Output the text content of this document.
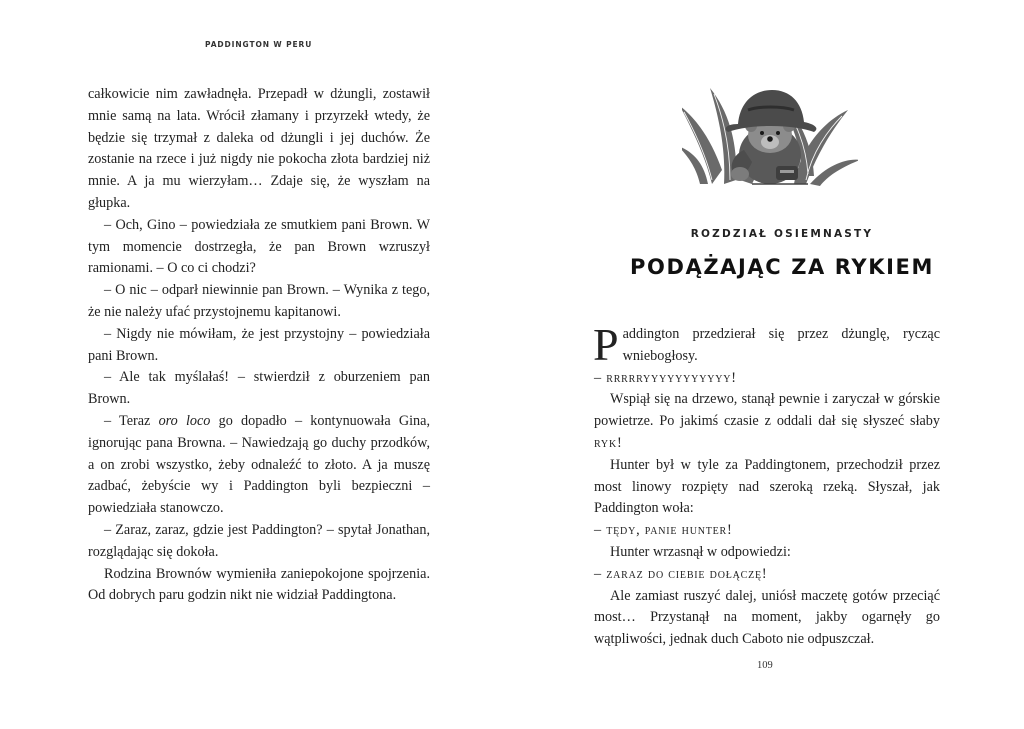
PADDINGTON W PERU

całkowicie nim zawładnęła. Przepadł w dżungli, zostawił mnie samą na lata. Wrócił złamany i przyrzekł wtedy, że będzie się trzymał z daleka od dżungli i jej duchów. Że zostanie na rzece i już nigdy nie pokocha złota bardziej niż mnie. A ja mu wierzyłam… Zdaje się, że wyszłam na głupka.

– Och, Gino – powiedziała ze smutkiem pani Brown. W tym momencie dostrzegła, że pan Brown wzruszył ramionami. – O co ci chodzi?

– O nic – odparł niewinnie pan Brown. – Wynika z tego, że nie należy ufać przystojnemu kapitanowi.

– Nigdy nie mówiłam, że jest przystojny – powiedziała pani Brown.

– Ale tak myślałaś! – stwierdził z oburzeniem pan Brown.

– Teraz oro loco go dopadło – kontynuowała Gina, ignorując pana Browna. – Nawiedzają go duchy przodków, a on zrobi wszystko, żeby odnaleźć to złoto. A ja muszę zadbać, żebyście wy i Paddington byli bezpieczni – powiedziała stanowczo.

– Zaraz, zaraz, gdzie jest Paddington? – spytał Jonathan, rozglądając się dokoła.

Rodzina Brownów wymieniła zaniepokojone spojrzenia. Od dobrych paru godzin nikt nie widział Paddingtona.

ROZDZIAŁ OSIEMNASTY
PODĄŻAJĄC ZA RYKIEM

Paddington przedzierał się przez dżunglę, rycząc wniebogłosy.

– rrrrryyyyyyyyyyy!

Wspiął się na drzewo, stanął pewnie i zaryczał w górskie powietrze. Po jakimś czasie z oddali dał się słyszeć słaby ryk!

Hunter był w tyle za Paddingtonem, przechodził przez most linowy rozpięty nad szeroką rzeką. Słyszał, jak Paddington woła:

– tędy, panie hunter!

Hunter wrzasnął w odpowiedzi:

– zaraz do ciebie dołączę!

Ale zamiast ruszyć dalej, uniósł maczetę gotów przeciąć most… Przystanął na moment, jakby ogarnęły go wątpliwości, jednak duch Caboto nie odpuszczał.

109
